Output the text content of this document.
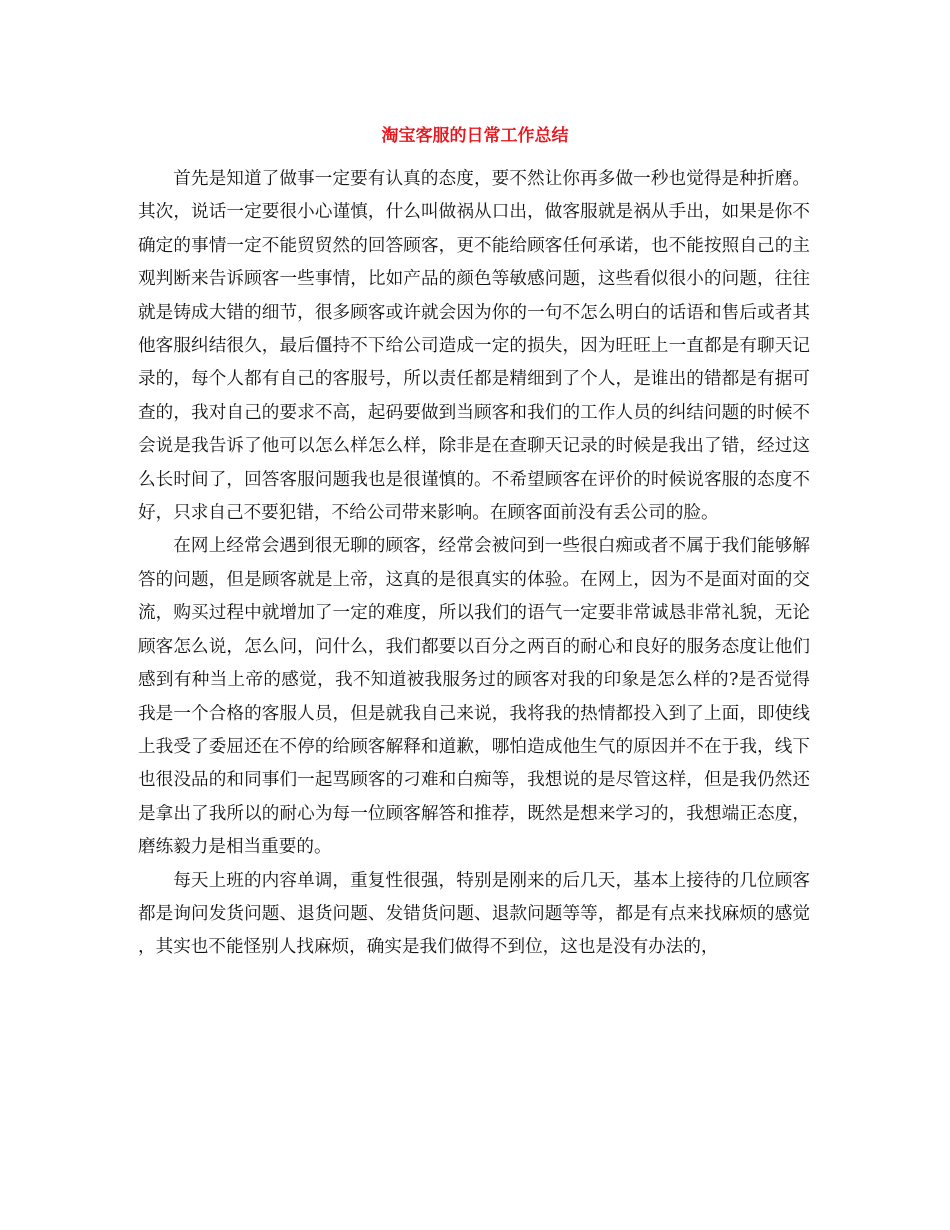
淘宝客服的日常工作总结

首先是知道了做事一定要有认真的态度，要不然让你再多做一秒也觉得是种折磨。其次，说话一定要很小心谨慎，什么叫做祸从口出，做客服就是祸从手出，如果是你不确定的事情一定不能贸贸然的回答顾客，更不能给顾客任何承诺，也不能按照自己的主观判断来告诉顾客一些事情，比如产品的颜色等敏感问题，这些看似很小的问题，往往就是铸成大错的细节，很多顾客或许就会因为你的一句不怎么明白的话语和售后或者其他客服纠结很久，最后僵持不下给公司造成一定的损失，因为旺旺上一直都是有聊天记录的，每个人都有自己的客服号，所以责任都是精细到了个人，是谁出的错都是有据可查的，我对自己的要求不高，起码要做到当顾客和我们的工作人员的纠结问题的时候不会说是我告诉了他可以怎么样怎么样，除非是在查聊天记录的时候是我出了错，经过这么长时间了，回答客服问题我也是很谨慎的。不希望顾客在评价的时候说客服的态度不好，只求自己不要犯错，不给公司带来影响。在顾客面前没有丢公司的脸。

在网上经常会遇到很无聊的顾客，经常会被问到一些很白痴或者不属于我们能够解答的问题，但是顾客就是上帝，这真的是很真实的体验。在网上，因为不是面对面的交流，购买过程中就增加了一定的难度，所以我们的语气一定要非常诚恳非常礼貌，无论顾客怎么说，怎么问，问什么，我们都要以百分之两百的耐心和良好的服务态度让他们感到有种当上帝的感觉，我不知道被我服务过的顾客对我的印象是怎么样的?是否觉得我是一个合格的客服人员，但是就我自己来说，我将我的热情都投入到了上面，即使线上我受了委屈还在不停的给顾客解释和道歉，哪怕造成他生气的原因并不在于我，线下也很没品的和同事们一起骂顾客的刁难和白痴等，我想说的是尽管这样，但是我仍然还是拿出了我所以的耐心为每一位顾客解答和推荐，既然是想来学习的，我想端正态度，磨练毅力是相当重要的。

每天上班的内容单调，重复性很强，特别是刚来的后几天，基本上接待的几位顾客都是询问发货问题、退货问题、发错货问题、退款问题等等，都是有点来找麻烦的感觉，其实也不能怪别人找麻烦，确实是我们做得不到位，这也是没有办法的，
